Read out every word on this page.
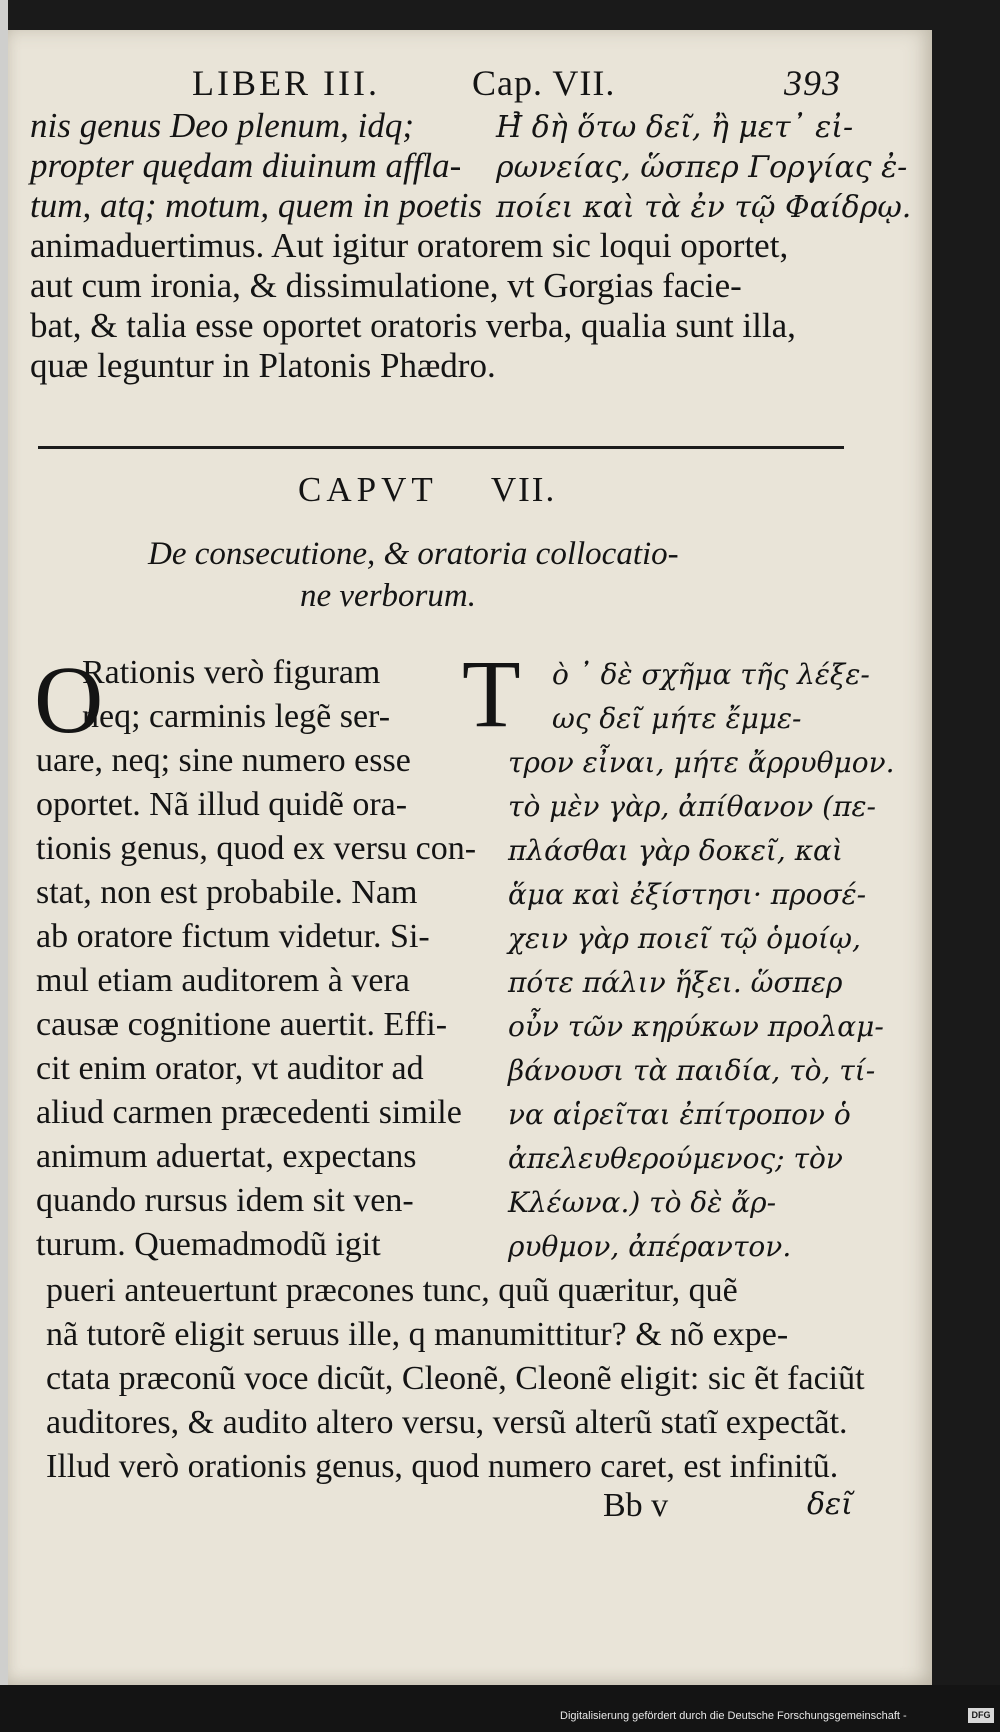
LIBER III.	Cap. VII.	393
nis genus Deo plenum, idq;
propter quędam diuinum affla-
tum, atq; motum, quem in poetis
Η̉ δὴ ὅτω δεῖ, ἢ μετ᾽ εἰ-
ρωνείας, ὥσπερ Γοργίας ἐ-
ποίει καὶ τὰ ἐν τῷ Φαίδρῳ.
animaduertimus. Aut igitur oratorem sic loqui oportet,
aut cum ironia, & dissimulatione, vt Gorgias facie-
bat, & talia esse oportet oratoris verba, qualia sunt illa,
quæ leguntur in Platonis Phædro.
CAPVT VII.
De consecutione, & oratoria collocatio-
ne verborum.
O	T
Rationis verò figuram
neq; carminis legẽ ser-
uare, neq; sine numero esse
oportet. Nã illud quidẽ ora-
tionis genus, quod ex versu con-
stat, non est probabile. Nam
ab oratore fictum videtur. Si-
mul etiam auditorem à vera
causæ cognitione auertit. Effi-
cit enim orator, vt auditor ad
aliud carmen præcedenti simile
animum aduertat, expectans
quando rursus idem sit ven-
turum. Quemadmodũ igit
ὸ ᾿ δὲ σχῆμα τῆς λέξε-
ως δεῖ μήτε ἔμμε-
τρον εἶναι, μήτε ἄρρυθμον.
τὸ μὲν γὰρ, ἀπίθανον (πε-
πλάσθαι γὰρ δοκεῖ, καὶ
ἅμα καὶ ἐξίστησι· προσέ-
χειν γὰρ ποιεῖ τῷ ὁμοίῳ,
πότε πάλιν ἥξει. ὥσπερ
οὖν τῶν κηρύκων προλαμ-
βάνουσι τὰ παιδία, τὸ, τί-
να αἱρεῖται ἐπίτροπον ὁ
ἀπελευθερούμενος; τὸν
Κλέωνα.) τὸ δὲ ἄρ-
ρυθμον, ἀπέραντον.
pueri anteuertunt præcones tunc, quũ quæritur, quẽ
nã tutorẽ eligit seruus ille, q manumittitur? & nõ expe-
ctata præconũ voce dicũt, Cleonẽ, Cleonẽ eligit: sic ẽt faciũt
auditores, & audito altero versu, versũ alterũ statĩ expectãt.
Illud verò orationis genus, quod numero caret, est infinitũ.
Bb v	δεῖ
Digitalisierung gefördert durch die Deutsche Forschungsgemeinschaft -	DFG
